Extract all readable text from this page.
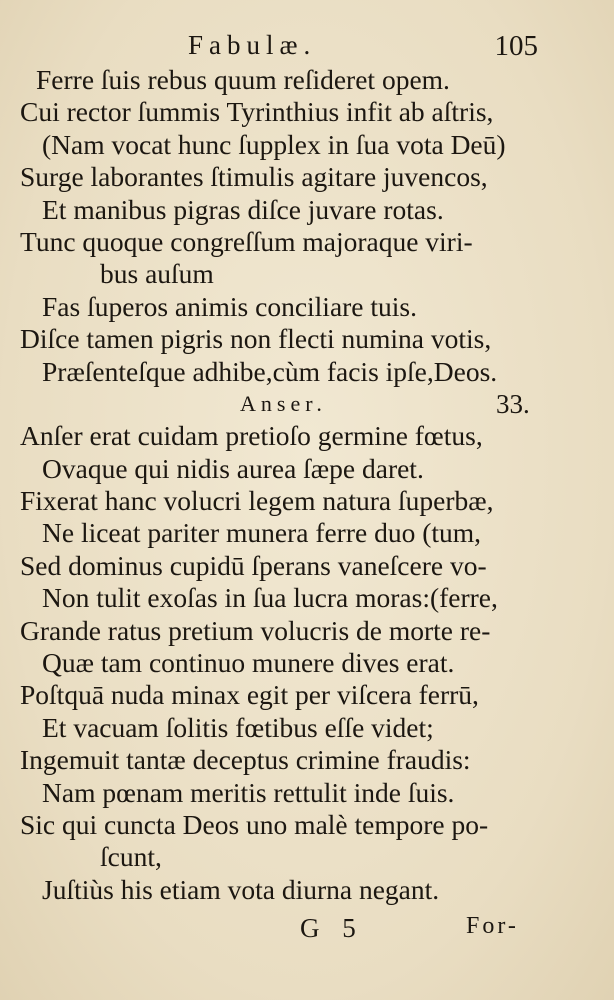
Fabulæ.	105
Ferre ſuis rebus quum reſideret opem.
Cui rector ſummis Tyrinthius infit ab aſtris,
(Nam vocat hunc ſupplex in ſua vota Deū)
Surge laborantes ſtimulis agitare juvencos,
Et manibus pigras diſce juvare rotas.
Tunc quoque congreſſum majoraque viri-
bus auſum
Fas ſuperos animis conciliare tuis.
Diſce tamen pigris non flecti numina votis,
Præſenteſque adhibe,cùm facis ipſe,Deos.
Anser.	33.
Anſer erat cuidam pretioſo germine fœtus,
Ovaque qui nidis aurea ſæpe daret.
Fixerat hanc volucri legem natura ſuperbæ,
Ne liceat pariter munera ferre duo (tum,
Sed dominus cupidū ſperans vaneſcere vo-
Non tulit exoſas in ſua lucra moras:(ferre,
Grande ratus pretium volucris de morte re-
Quæ tam continuo munere dives erat.
Poſtquā nuda minax egit per viſcera ferrū,
Et vacuam ſolitis fœtibus eſſe videt;
Ingemuit tantæ deceptus crimine fraudis:
Nam pœnam meritis rettulit inde ſuis.
Sic qui cuncta Deos uno malè tempore po-
ſcunt,
Juſtiùs his etiam vota diurna negant.
G 5	For-
